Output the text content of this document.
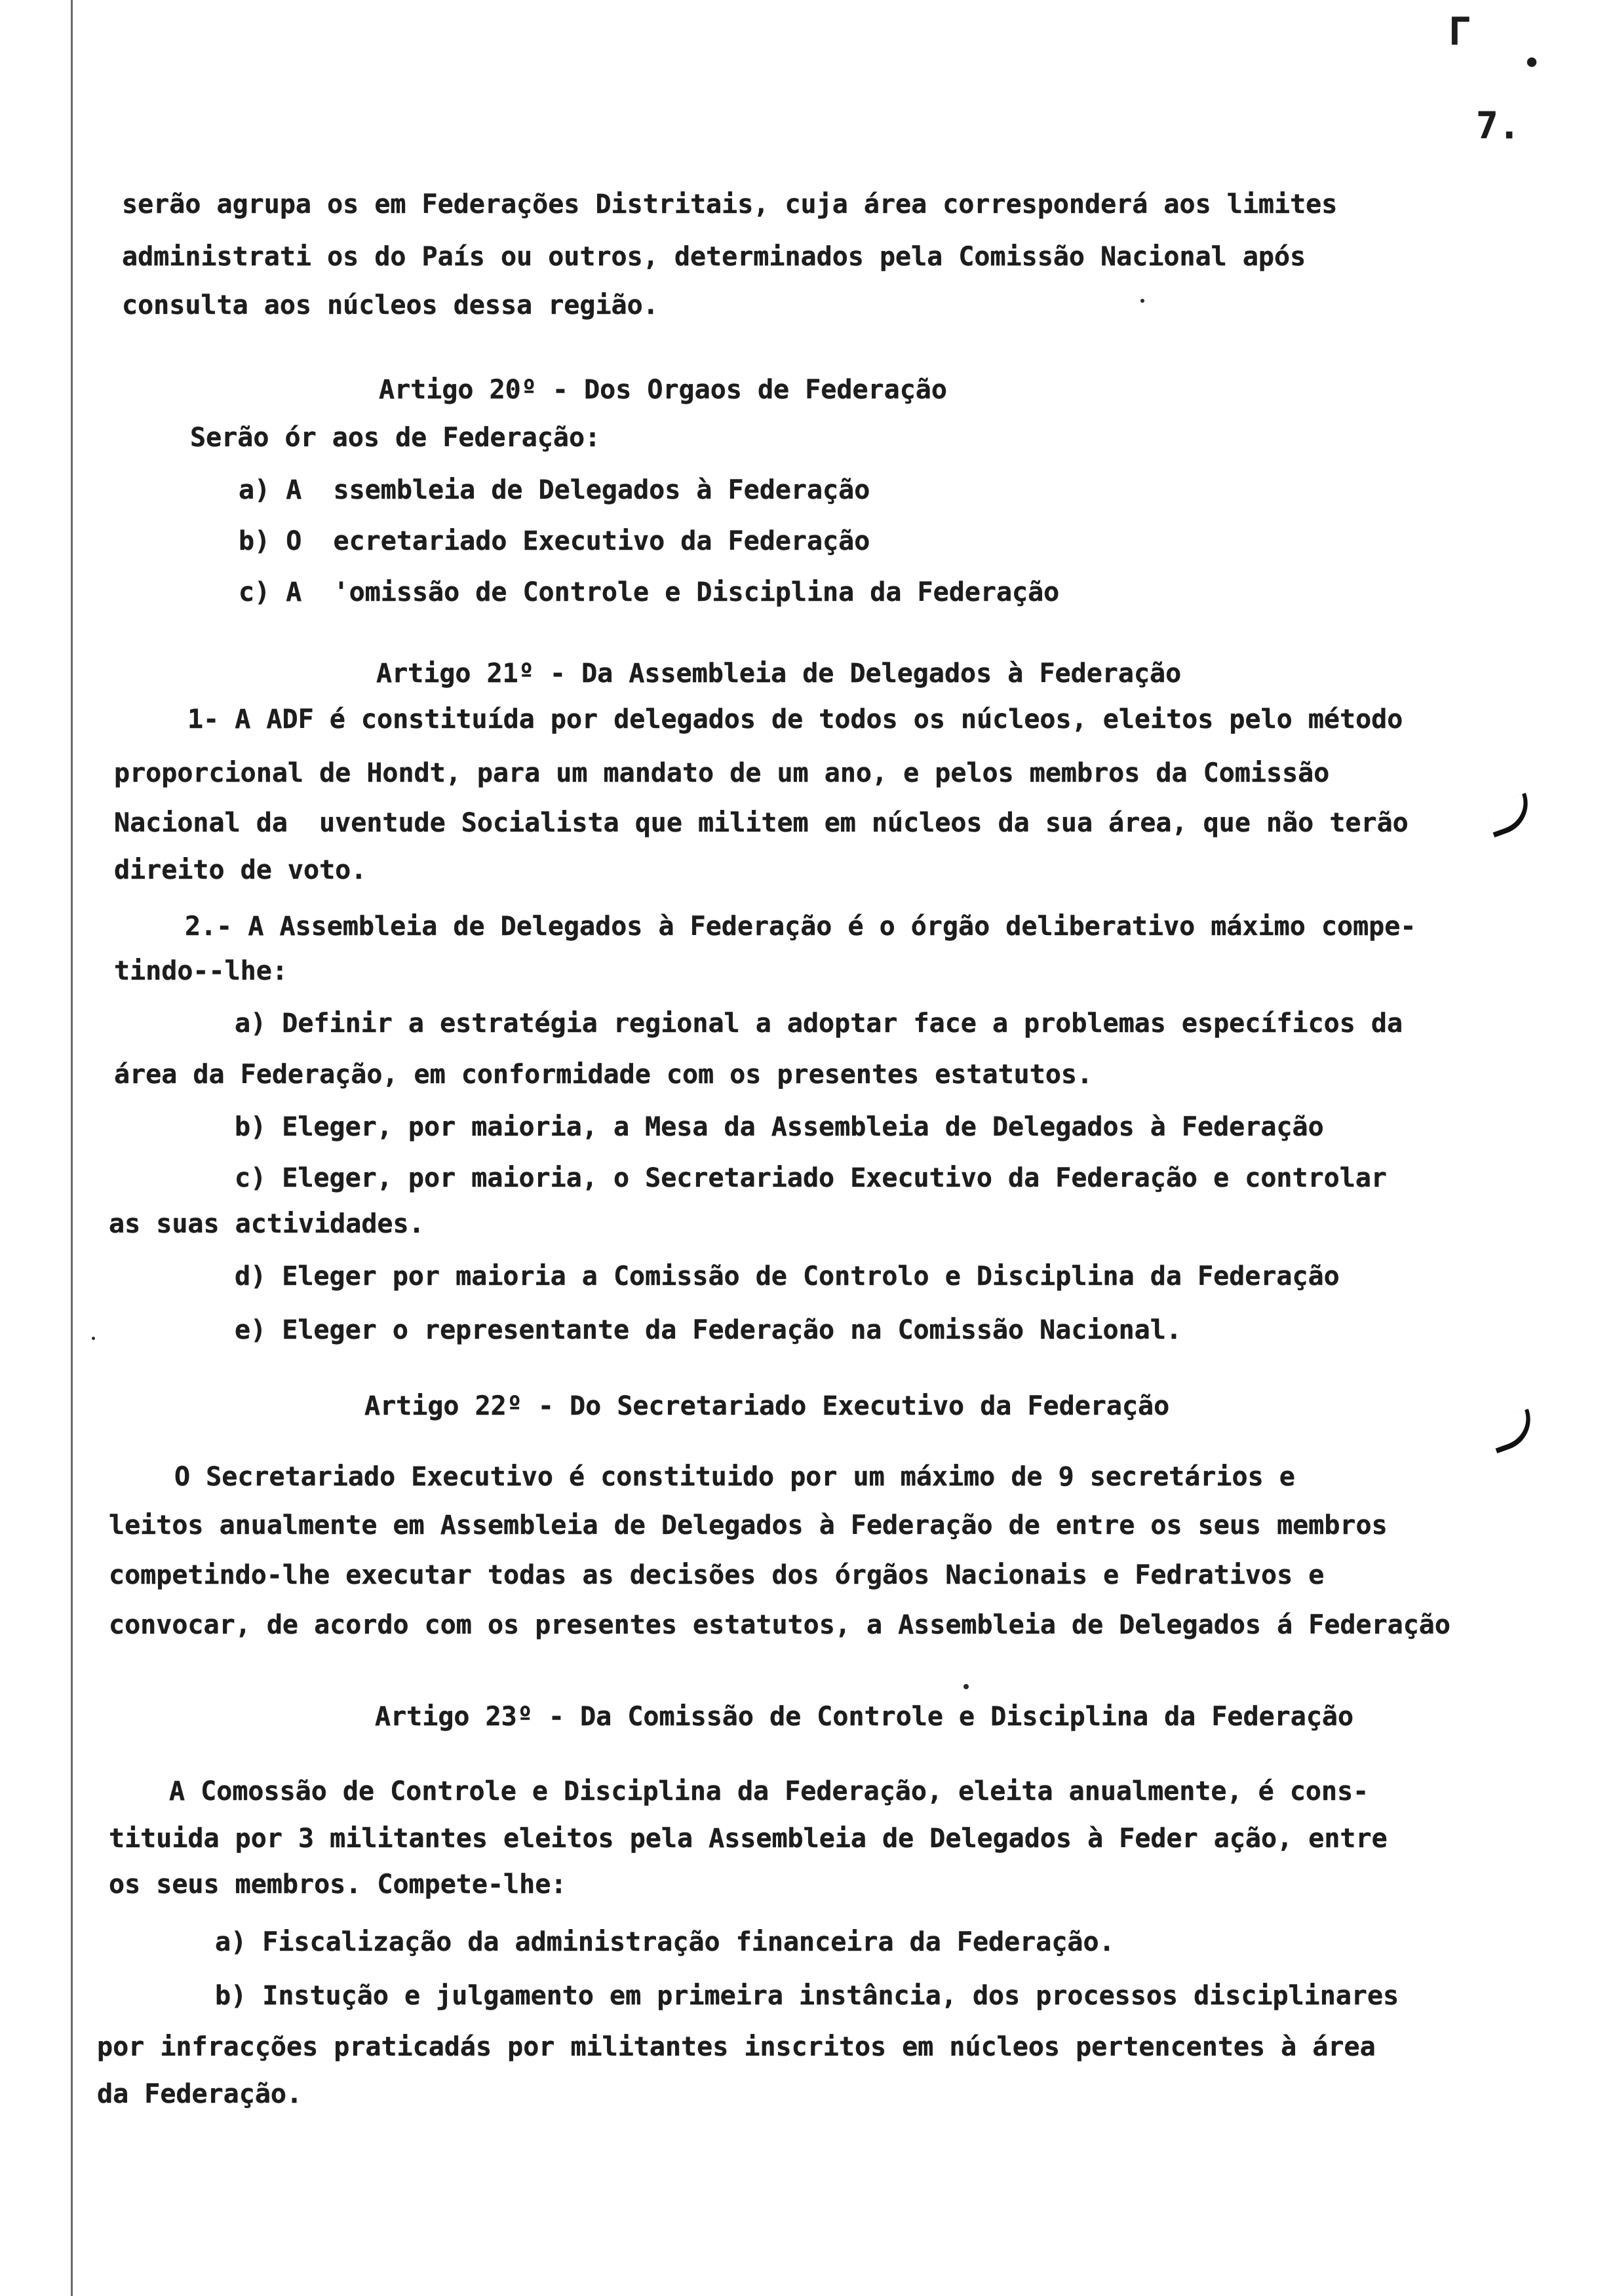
Г
•
7.
serão agrupa os em Federações Distritais, cuja área corresponderá aos limites
administrati os do País ou outros, determinados pela Comissão Nacional após
consulta aos núcleos dessa região.
Artigo 20º - Dos Orgaos de Federação
Serão ór aos de Federação:
a) A  ssembleia de Delegados à Federação
b) O  ecretariado Executivo da Federação
c) A  'omissão de Controle e Disciplina da Federação
Artigo 21º - Da Assembleia de Delegados à Federação
1- A ADF é constituída por delegados de todos os núcleos, eleitos pelo método
proporcional de Hondt, para um mandato de um ano, e pelos membros da Comissão
Nacional da  uventude Socialista que militem em núcleos da sua área, que não terão
direito de voto.
2.- A Assembleia de Delegados à Federação é o órgão deliberativo máximo compe-
tindo--lhe:
a) Definir a estratégia regional a adoptar face a problemas específicos da
área da Federação, em conformidade com os presentes estatutos.
b) Eleger, por maioria, a Mesa da Assembleia de Delegados à Federação
c) Eleger, por maioria, o Secretariado Executivo da Federação e controlar
as suas actividades.
d) Eleger por maioria a Comissão de Controlo e Disciplina da Federação
e) Eleger o representante da Federação na Comissão Nacional.
Artigo 22º - Do Secretariado Executivo da Federação
O Secretariado Executivo é constituido por um máximo de 9 secretários e
leitos anualmente em Assembleia de Delegados à Federação de entre os seus membros
competindo-lhe executar todas as decisões dos órgãos Nacionais e Fedrativos e
convocar, de acordo com os presentes estatutos, a Assembleia de Delegados á Federação
Artigo 23º - Da Comissão de Controle e Disciplina da Federação
A Comossão de Controle e Disciplina da Federação, eleita anualmente, é cons-
tituida por 3 militantes eleitos pela Assembleia de Delegados à Feder ação, entre
os seus membros. Compete-lhe:
a) Fiscalização da administração financeira da Federação.
b) Instução e julgamento em primeira instância, dos processos disciplinares
por infracções praticadás por militantes inscritos em núcleos pertencentes à área
da Federação.
